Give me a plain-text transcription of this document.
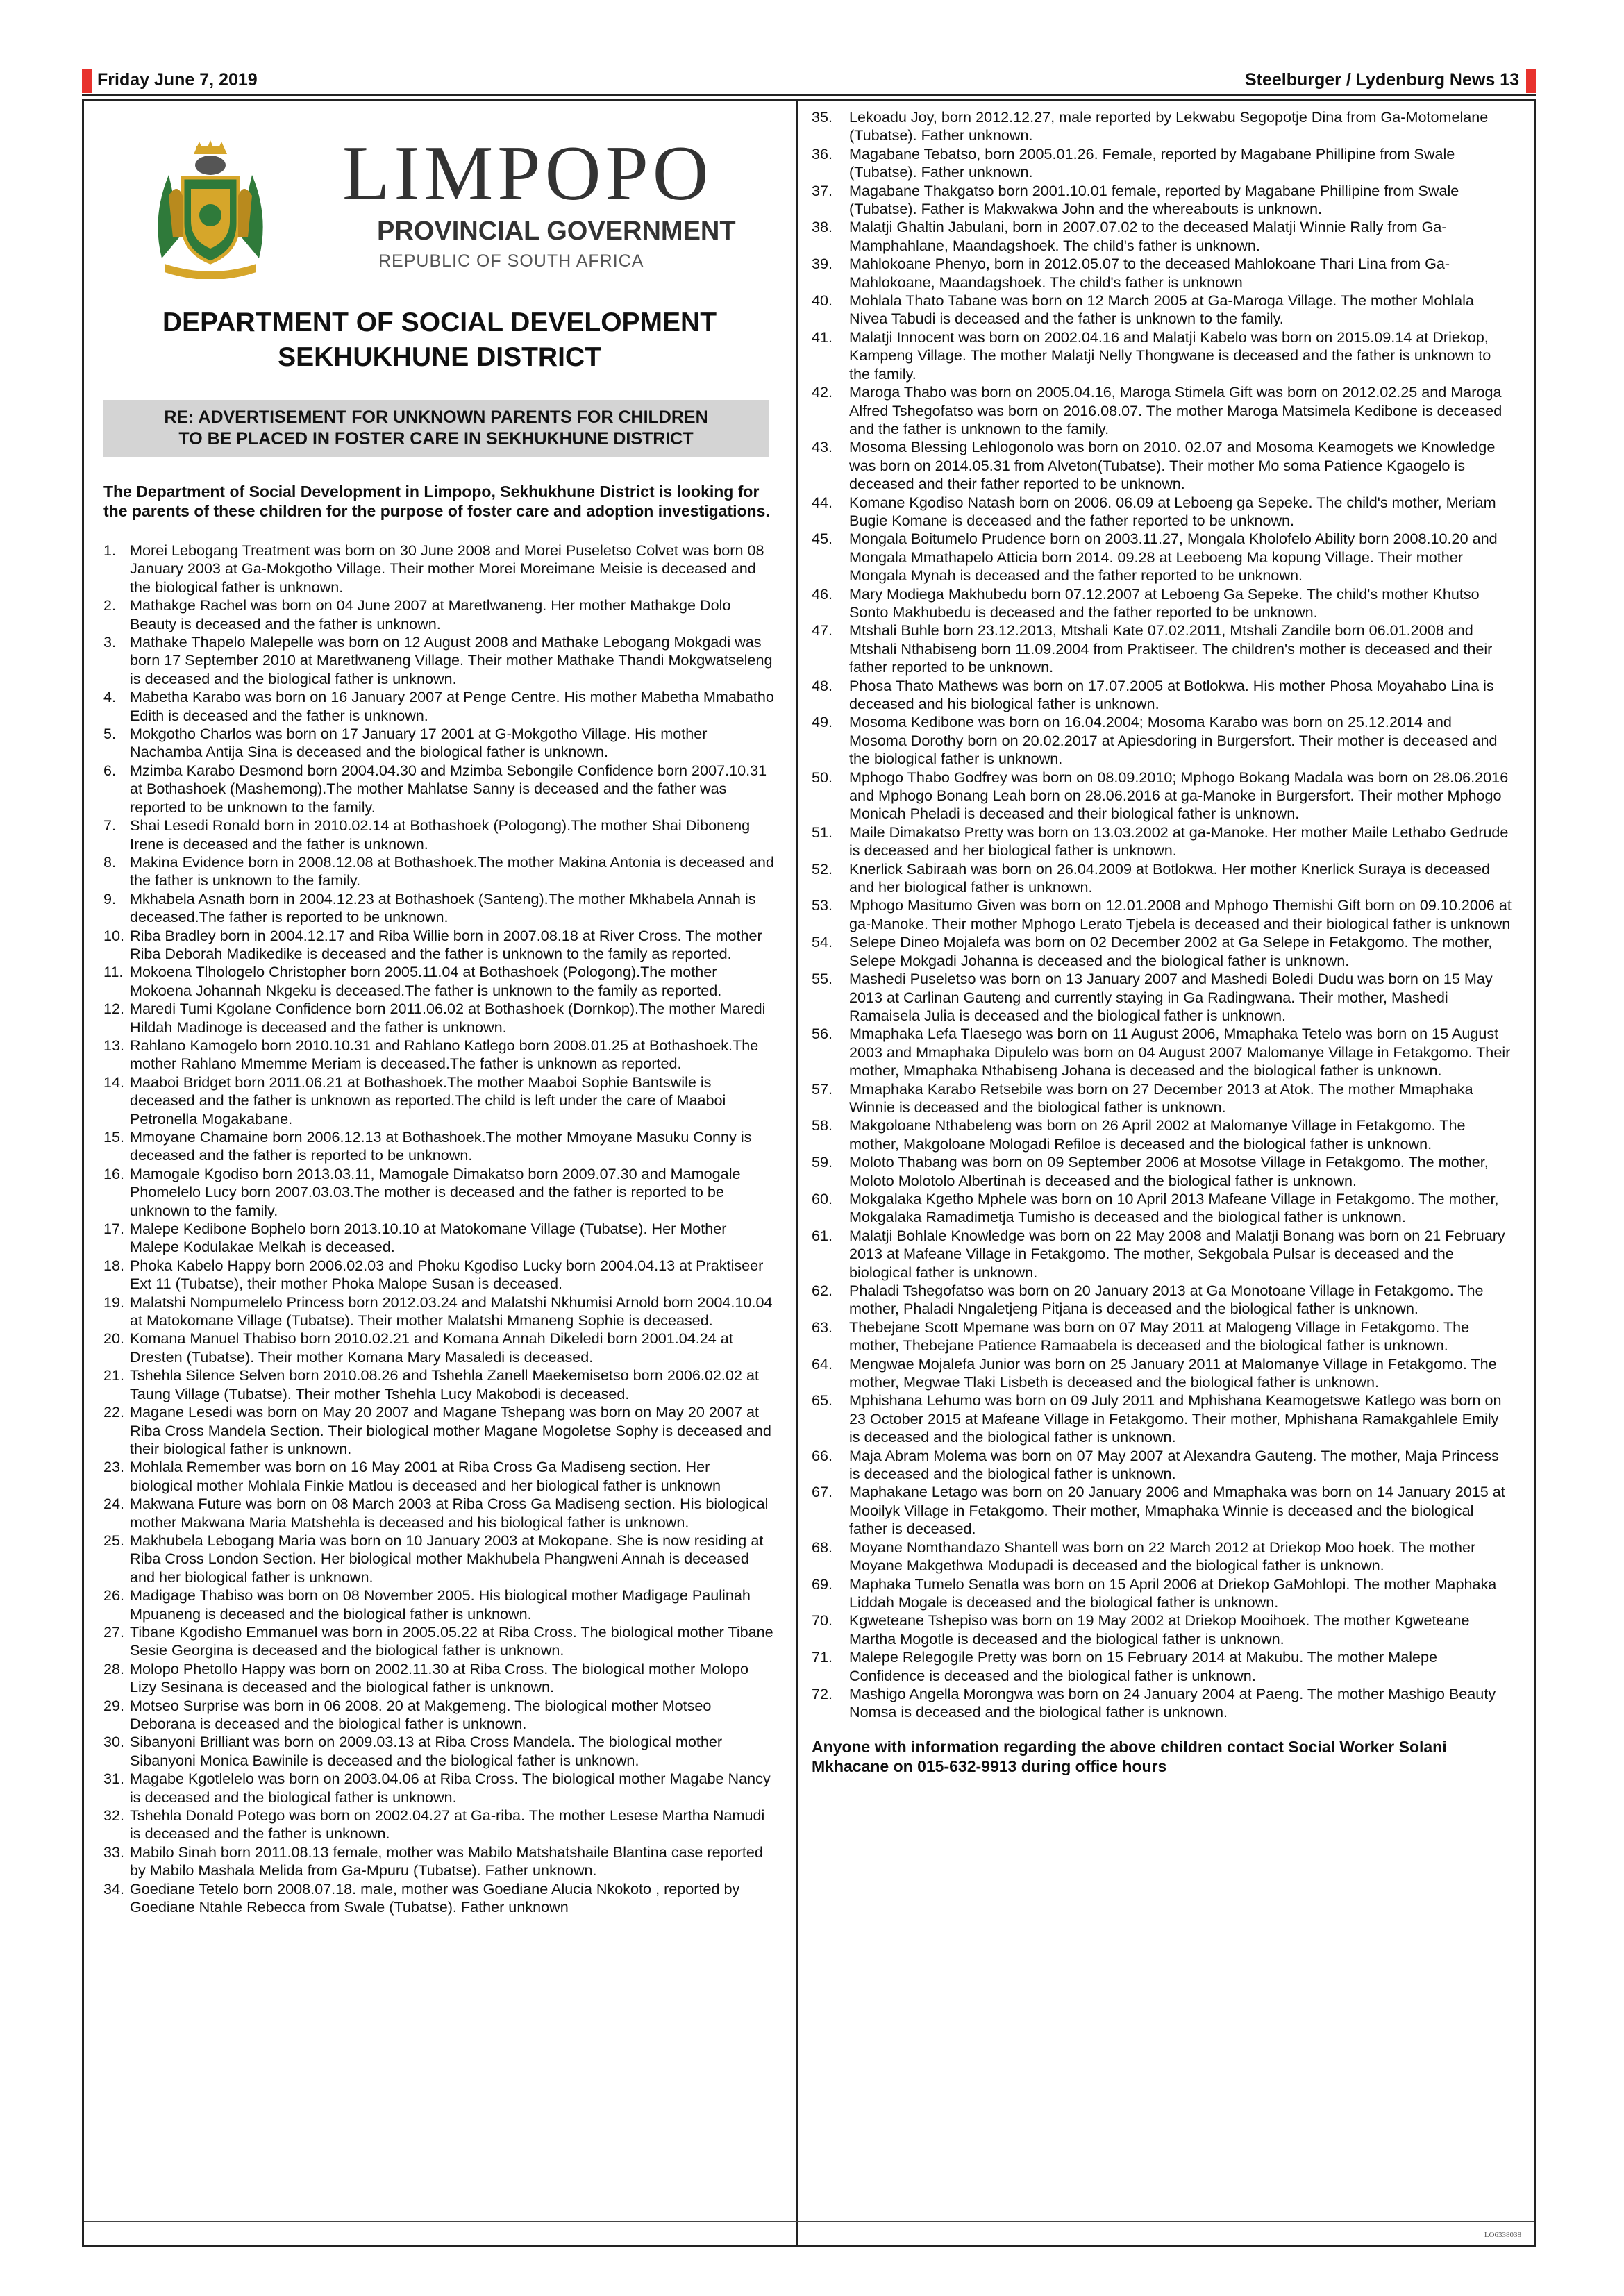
Friday June 7, 2019	Steelburger / Lydenburg News 13
LIMPOPO
PROVINCIAL GOVERNMENT
REPUBLIC OF SOUTH AFRICA
DEPARTMENT OF SOCIAL DEVELOPMENT
SEKHUKHUNE DISTRICT
RE: ADVERTISEMENT FOR UNKNOWN PARENTS FOR CHILDREN
TO BE PLACED IN FOSTER CARE IN SEKHUKHUNE DISTRICT
The Department of Social Development in Limpopo, Sekhukhune District is looking for the parents of these children for the purpose of foster care and adoption investigations.
1. Morei Lebogang Treatment was born on 30 June 2008 and Morei Puseletso Colvet was born 08 January 2003 at Ga-Mokgotho Village. Their mother Morei Moreimane Meisie is deceased and the biological father is unknown.
2. Mathakge Rachel was born on 04 June 2007 at Maretlwaneng. Her mother Mathakge Dolo Beauty is deceased and the father is unknown.
3. Mathake Thapelo Malepelle was born on 12 August 2008 and Mathake Lebogang Mokgadi was born 17 September 2010 at Maretlwaneng Village. Their mother Mathake Thandi Mokgwatseleng is deceased and the biological father is unknown.
4. Mabetha Karabo was born on 16 January 2007 at Penge Centre. His mother Mabetha Mmabatho Edith is deceased and the father is unknown.
5. Mokgotho Charlos was born on 17 January 17 2001 at G-Mokgotho Village. His mother Nachamba Antija Sina is deceased and the biological father is unknown.
6. Mzimba Karabo Desmond born 2004.04.30 and Mzimba Sebongile Confidence born 2007.10.31 at Bothashoek (Mashemong).The mother Mahlatse Sanny is deceased and the father was reported to be unknown to the family.
7. Shai Lesedi Ronald born in 2010.02.14 at Bothashoek (Pologong).The mother Shai Diboneng Irene is deceased and the father is unknown.
8. Makina Evidence born in 2008.12.08 at Bothashoek.The mother Makina Antonia is deceased and the father is unknown to the family.
9. Mkhabela Asnath born in 2004.12.23 at Bothashoek (Santeng).The mother Mkhabela Annah is deceased.The father is reported to be unknown.
10. Riba Bradley born in 2004.12.17 and Riba Willie born in 2007.08.18 at River Cross. The mother Riba Deborah Madikedike is deceased and the father is unknown to the family as reported.
11. Mokoena Tlhologelo Christopher born 2005.11.04 at Bothashoek (Pologong).The mother Mokoena Johannah Nkgeku is deceased.The father is unknown to the family as reported.
12. Maredi Tumi Kgolane Confidence born 2011.06.02 at Bothashoek (Dornkop).The mother Maredi Hildah Madinoge is deceased and the father is unknown.
13. Rahlano Kamogelo born 2010.10.31 and Rahlano Katlego born 2008.01.25 at Bothashoek.The mother Rahlano Mmemme Meriam is deceased.The father is unknown as reported.
14. Maaboi Bridget born 2011.06.21 at Bothashoek.The mother Maaboi Sophie Bantswile is deceased and the father is unknown as reported.The child is left under the care of Maaboi Petronella Mogakabane.
15. Mmoyane Chamaine born 2006.12.13 at Bothashoek.The mother Mmoyane Masuku Conny is deceased and the father is reported to be unknown.
16. Mamogale Kgodiso born 2013.03.11, Mamogale Dimakatso born 2009.07.30 and Mamogale Phomelelo Lucy born 2007.03.03.The mother is deceased and the father is reported to be unknown to the family.
17. Malepe Kedibone Bophelo born 2013.10.10 at Matokomane Village (Tubatse). Her Mother Malepe Kodulakae Melkah is deceased.
18. Phoka Kabelo Happy born 2006.02.03 and Phoku Kgodiso Lucky born 2004.04.13 at Praktiseer Ext 11 (Tubatse), their mother Phoka Malope Susan is deceased.
19. Malatshi Nompumelelo Princess born 2012.03.24 and Malatshi Nkhumisi Arnold born 2004.10.04 at Matokomane Village (Tubatse). Their mother Malatshi Mmaneng Sophie is deceased.
20. Komana Manuel Thabiso born 2010.02.21 and Komana Annah Dikeledi born 2001.04.24 at Dresten (Tubatse). Their mother Komana Mary Masaledi is deceased.
21. Tshehla Silence Selven born 2010.08.26 and Tshehla Zanell Maekemisetso born 2006.02.02 at Taung Village (Tubatse). Their mother Tshehla Lucy Makobodi is deceased.
22. Magane Lesedi was born on May 20 2007 and Magane Tshepang was born on May 20 2007 at Riba Cross Mandela Section. Their biological mother Magane Mogoletse Sophy is deceased and their biological father is unknown.
23. Mohlala Remember was born on 16 May 2001 at Riba Cross Ga Madiseng section. Her biological mother Mohlala Finkie Matlou is deceased and her biological father is unknown
24. Makwana Future was born on 08 March 2003 at Riba Cross Ga Madiseng section. His biological mother Makwana Maria Matshehla is deceased and his biological father is unknown.
25. Makhubela Lebogang Maria was born on 10 January 2003 at Mokopane. She is now residing at Riba Cross London Section. Her biological mother Makhubela Phangweni Annah is deceased and her biological father is unknown.
26. Madigage Thabiso was born on 08 November 2005. His biological mother Madigage Paulinah Mpuaneng is deceased and the biological father is unknown.
27. Tibane Kgodisho Emmanuel was born in 2005.05.22 at Riba Cross. The biological mother Tibane Sesie Georgina is deceased and the biological father is unknown.
28. Molopo Phetollo Happy was born on 2002.11.30 at Riba Cross. The biological mother Molopo Lizy Sesinana is deceased and the biological father is unknown.
29. Motseo Surprise was born in 06 2008. 20 at Makgemeng. The biological mother Motseo Deborana is deceased and the biological father is unknown.
30. Sibanyoni Brilliant was born on 2009.03.13 at Riba Cross Mandela. The biological mother Sibanyoni Monica Bawinile is deceased and the biological father is unknown.
31. Magabe Kgotlelelo was born on 2003.04.06 at Riba Cross. The biological mother Magabe Nancy is deceased and the biological father is unknown.
32. Tshehla Donald Potego was born on 2002.04.27 at Ga-riba. The mother Lesese Martha Namudi is deceased and the father is unknown.
33. Mabilo Sinah born 2011.08.13 female, mother was Mabilo Matshatshaile Blantina case reported by Mabilo Mashala Melida from Ga-Mpuru (Tubatse). Father unknown.
34. Goediane Tetelo born 2008.07.18. male, mother was Goediane Alucia Nkokoto , reported by Goediane Ntahle Rebecca from Swale (Tubatse). Father unknown
35.	Lekoadu Joy, born 2012.12.27, male reported by Lekwabu Segopotje Dina from Ga-Motomelane (Tubatse). Father unknown.
36.	Magabane Tebatso, born 2005.01.26. Female, reported by Magabane Phillipine from Swale (Tubatse). Father unknown.
37.	Magabane Thakgatso born 2001.10.01 female, reported by Magabane Phillipine from Swale (Tubatse). Father is Makwakwa John and the whereabouts is unknown.
38.	Malatji Ghaltin Jabulani, born in 2007.07.02 to the deceased Malatji Winnie Rally from Ga-Mamphahlane, Maandagshoek. The child's father is unknown.
39.	Mahlokoane Phenyo, born in 2012.05.07 to the deceased Mahlokoane Thari Lina from Ga-Mahlokoane, Maandagshoek. The child's father is unknown
40.	Mohlala Thato Tabane was born on 12 March 2005 at Ga-Maroga Village. The mother Mohlala Nivea Tabudi is deceased and the father is unknown to the family.
41.	Malatji Innocent was born on 2002.04.16 and Malatji Kabelo was born on 2015.09.14 at Driekop, Kampeng Village. The mother Malatji Nelly Thongwane is deceased and the father is unknown to the family.
42.	Maroga Thabo was born on 2005.04.16, Maroga Stimela Gift was born on 2012.02.25 and Maroga Alfred Tshegofatso was born on 2016.08.07. The mother Maroga Matsimela Kedibone is deceased and the father is unknown to the family.
43.	Mosoma Blessing Lehlogonolo was born on 2010. 02.07 and Mosoma Keamogets we Knowledge was born on 2014.05.31 from Alveton(Tubatse). Their mother Mo soma Patience Kgaogelo is deceased and their father reported to be unknown.
44.	Komane Kgodiso Natash born on 2006. 06.09 at Leboeng ga Sepeke. The child's mother, Meriam Bugie Komane is deceased and the father reported to be unknown.
45.	Mongala Boitumelo Prudence born on 2003.11.27, Mongala Kholofelo Ability born 2008.10.20 and Mongala Mmathapelo Atticia born 2014. 09.28 at Leeboeng Ma kopung Village. Their mother Mongala Mynah is deceased and the father reported to be unknown.
46.	Mary Modiega Makhubedu born 07.12.2007 at Leboeng Ga Sepeke. The child's mother Khutso Sonto Makhubedu is deceased and the father reported to be unknown.
47.	Mtshali Buhle born 23.12.2013, Mtshali Kate 07.02.2011, Mtshali Zandile born 06.01.2008 and Mtshali Nthabiseng born 11.09.2004 from Praktiseer. The children's mother is deceased and their father reported to be unknown.
48.	Phosa Thato Mathews was born on 17.07.2005 at Botlokwa. His mother Phosa Moyahabo Lina is deceased and his biological father is unknown.
49.	Mosoma Kedibone was born on 16.04.2004; Mosoma Karabo was born on 25.12.2014 and Mosoma Dorothy born on 20.02.2017 at Apiesdoring in Burgersfort. Their mother is deceased and the biological father is unknown.
50.	Mphogo Thabo Godfrey was born on 08.09.2010; Mphogo Bokang Madala was born on 28.06.2016 and Mphogo Bonang Leah born on 28.06.2016 at ga-Manoke in Burgersfort. Their mother Mphogo Monicah Pheladi is deceased and their biological father is unknown.
51.	Maile Dimakatso Pretty was born on 13.03.2002 at ga-Manoke. Her mother Maile Lethabo Gedrude is deceased and her biological father is unknown.
52.	Knerlick Sabiraah was born on 26.04.2009 at Botlokwa. Her mother Knerlick Suraya is deceased and her biological father is unknown.
53.	Mphogo Masitumo Given was born on 12.01.2008 and Mphogo Themishi Gift born on 09.10.2006 at ga-Manoke. Their mother Mphogo Lerato Tjebela is deceased and their biological father is unknown
54.	Selepe Dineo Mojalefa was born on 02 December 2002 at Ga Selepe in Fetakgomo. The mother, Selepe Mokgadi Johanna is deceased and the biological father is unknown.
55.	Mashedi Puseletso was born on 13 January 2007 and Mashedi Boledi Dudu was born on 15 May 2013 at Carlinan Gauteng and currently staying in Ga Radingwana. Their mother, Mashedi Ramaisela Julia is deceased and the biological father is unknown.
56.	Mmaphaka Lefa Tlaesego was born on 11 August 2006, Mmaphaka Tetelo was born on 15 August 2003 and Mmaphaka Dipulelo was born on 04 August 2007 Malomanye Village in Fetakgomo. Their mother, Mmaphaka Nthabiseng Johana is deceased and the biological father is unknown.
57.	Mmaphaka Karabo Retsebile was born on 27 December 2013 at Atok. The mother Mmaphaka Winnie is deceased and the biological father is unknown.
58.	Makgoloane Nthabeleng was born on 26 April 2002 at Malomanye Village in Fetakgomo. The mother, Makgoloane Mologadi Refiloe is deceased and the biological father is unknown.
59.	Moloto Thabang was born on 09 September 2006 at Mosotse Village in Fetakgomo. The mother, Moloto Molotolo Albertinah is deceased and the biological father is unknown.
60.	Mokgalaka Kgetho Mphele was born on 10 April 2013 Mafeane Village in Fetakgomo. The mother, Mokgalaka Ramadimetja Tumisho is deceased and the biological father is unknown.
61.	Malatji Bohlale Knowledge was born on 22 May 2008 and Malatji Bonang was born on 21 February 2013 at Mafeane Village in Fetakgomo. The mother, Sekgobala Pulsar is deceased and the biological father is unknown.
62.	Phaladi Tshegofatso was born on 20 January 2013 at Ga Monotoane Village in Fetakgomo. The mother, Phaladi Nngaletjeng Pitjana is deceased and the biological father is unknown.
63.	Thebejane Scott Mpemane was born on 07 May 2011 at Malogeng Village in Fetakgomo. The mother, Thebejane Patience Ramaabela is deceased and the biological father is unknown.
64.	Mengwae Mojalefa Junior was born on 25 January 2011 at Malomanye Village in Fetakgomo. The mother, Megwae Tlaki Lisbeth is deceased and the biological father is unknown.
65.	Mphishana Lehumo was born on 09 July 2011 and Mphishana Keamogetswe Katlego was born on 23 October 2015 at Mafeane Village in Fetakgomo. Their mother, Mphishana Ramakgahlele Emily is deceased and the biological father is unknown.
66.	Maja Abram Molema was born on 07 May 2007 at Alexandra Gauteng. The mother, Maja Princess is deceased and the biological father is unknown.
67.	Maphakane Letago was born on 20 January 2006 and Mmaphaka was born on 14 January 2015 at Mooilyk Village in Fetakgomo. Their mother, Mmaphaka Winnie is deceased and the biological father is deceased.
68.	Moyane Nomthandazo Shantell was born on 22 March 2012 at Driekop Moo hoek. The mother Moyane Makgethwa Modupadi is deceased and the biological father is unknown.
69.	Maphaka Tumelo Senatla was born on 15 April 2006 at Driekop GaMohlopi. The mother Maphaka Liddah Mogale is deceased and the biological father is unknown.
70.	Kgweteane Tshepiso was born on 19 May 2002 at Driekop Mooihoek. The mother Kgweteane Martha Mogotle is deceased and the biological father is unknown.
71.	Malepe Relegogile Pretty was born on 15 February 2014 at Makubu. The mother Malepe Confidence is deceased and the biological father is unknown.
72.	Mashigo Angella Morongwa was born on 24 January 2004 at Paeng. The mother Mashigo Beauty Nomsa is deceased and the biological father is unknown.
Anyone with information regarding the above children contact Social Worker Solani Mkhacane on 015-632-9913 during office hours
LO6338038
